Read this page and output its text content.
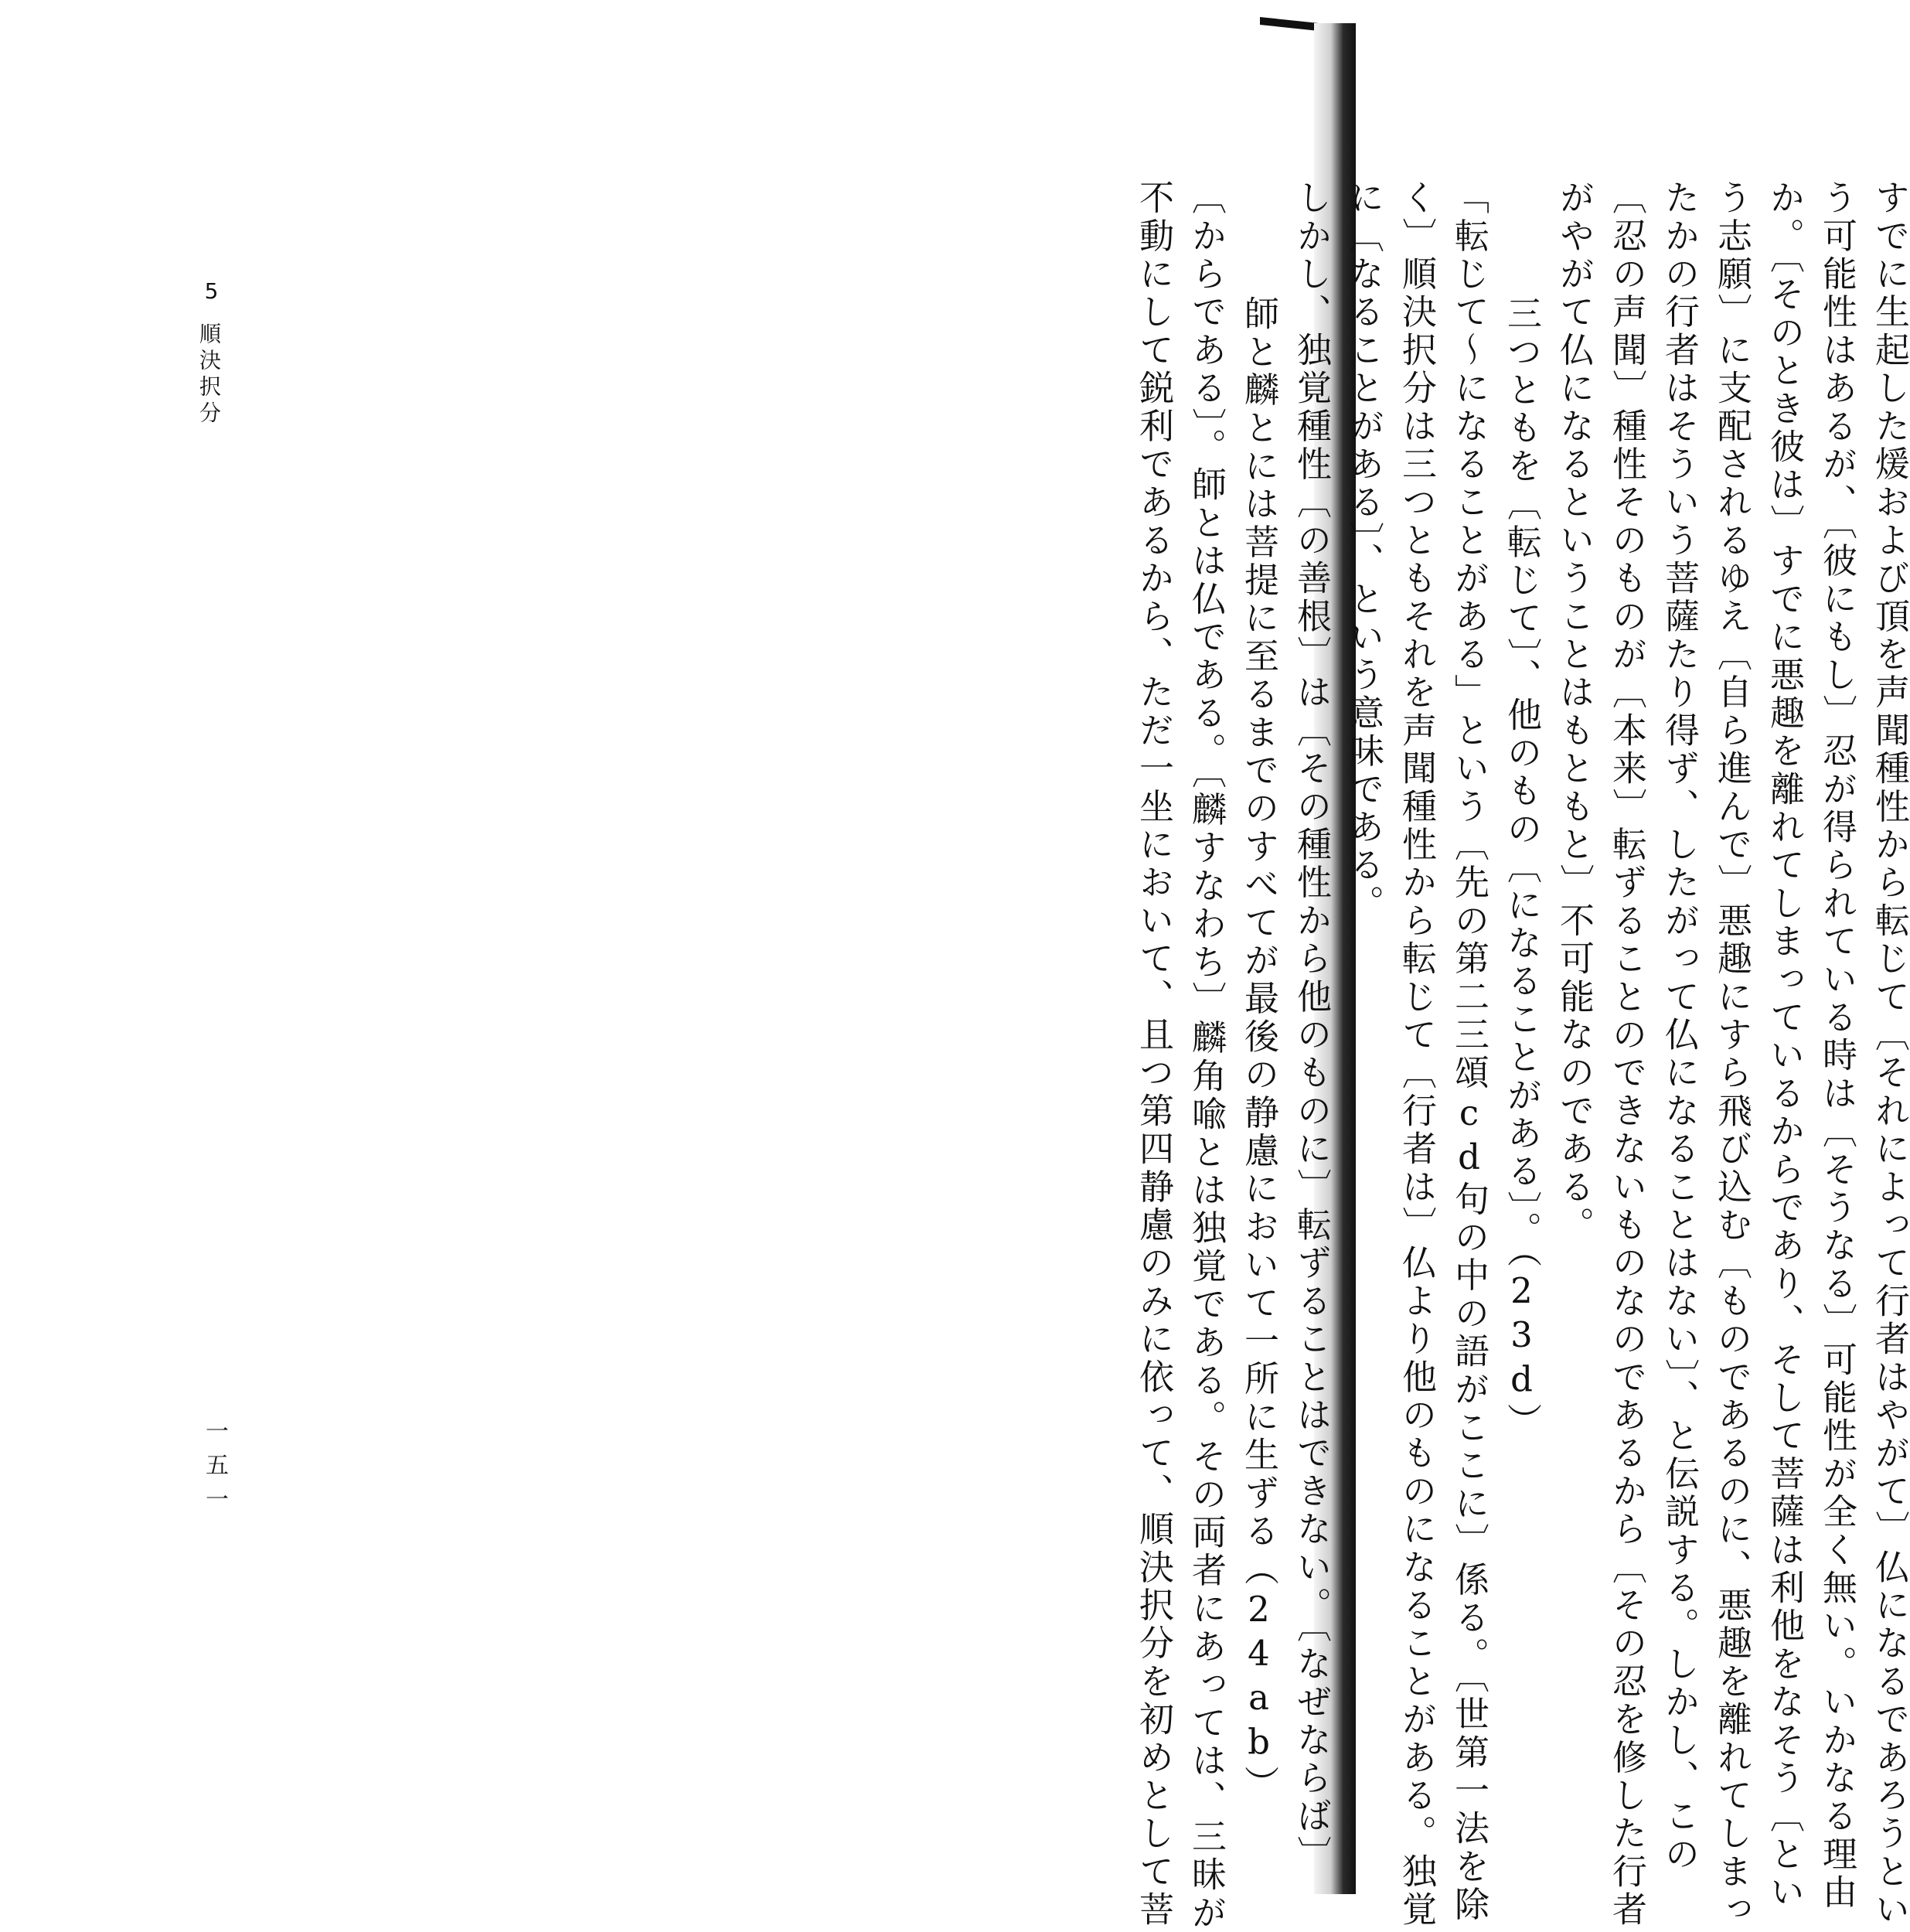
すでに生起した煖および頂を声聞種性から転じて〔それによって行者はやがて〕仏になるであろうとい
う可能性はあるが、〔彼にもし〕忍が得られている時は〔そうなる〕可能性が全く無い。いかなる理由
か。〔そのとき彼は〕すでに悪趣を離れてしまっているからであり、そして菩薩は利他をなそう〔とい
う志願〕に支配されるゆえ〔自ら進んで〕悪趣にすら飛び込む〔ものであるのに、悪趣を離れてしまっ
たかの行者はそういう菩薩たり得ず、したがって仏になることはない〕、と伝説する。しかし、この
〔忍の声聞〕種性そのものが〔本来〕転ずることのできないものなのであるから〔その忍を修した行者
がやがて仏になるということはもともと〕不可能なのである。
三つともを〔転じて〕、他のもの〔になることがある〕。（23d）
「転じて～になることがある」という〔先の第二三頌cd句の中の語がここに〕係る。〔世第一法を除
く〕順決択分は三つともそれを声聞種性から転じて〔行者は〕仏より他のものになることがある。独覚
に〔なることがある〕、という意味である。
しかし、独覚種性〔の善根〕は〔その種性から他のものに〕転ずることはできない。〔なぜならば〕
師と麟とには菩提に至るまでのすべてが最後の静慮において一所に生ずる（24ab）
〔からである〕。師とは仏である。〔麟すなわち〕麟角喩とは独覚である。その両者にあっては、三昧が
不動にして鋭利であるから、ただ一坐において、且つ第四静慮のみに依って、順決択分を初めとして菩
5
順決択分
一五一
